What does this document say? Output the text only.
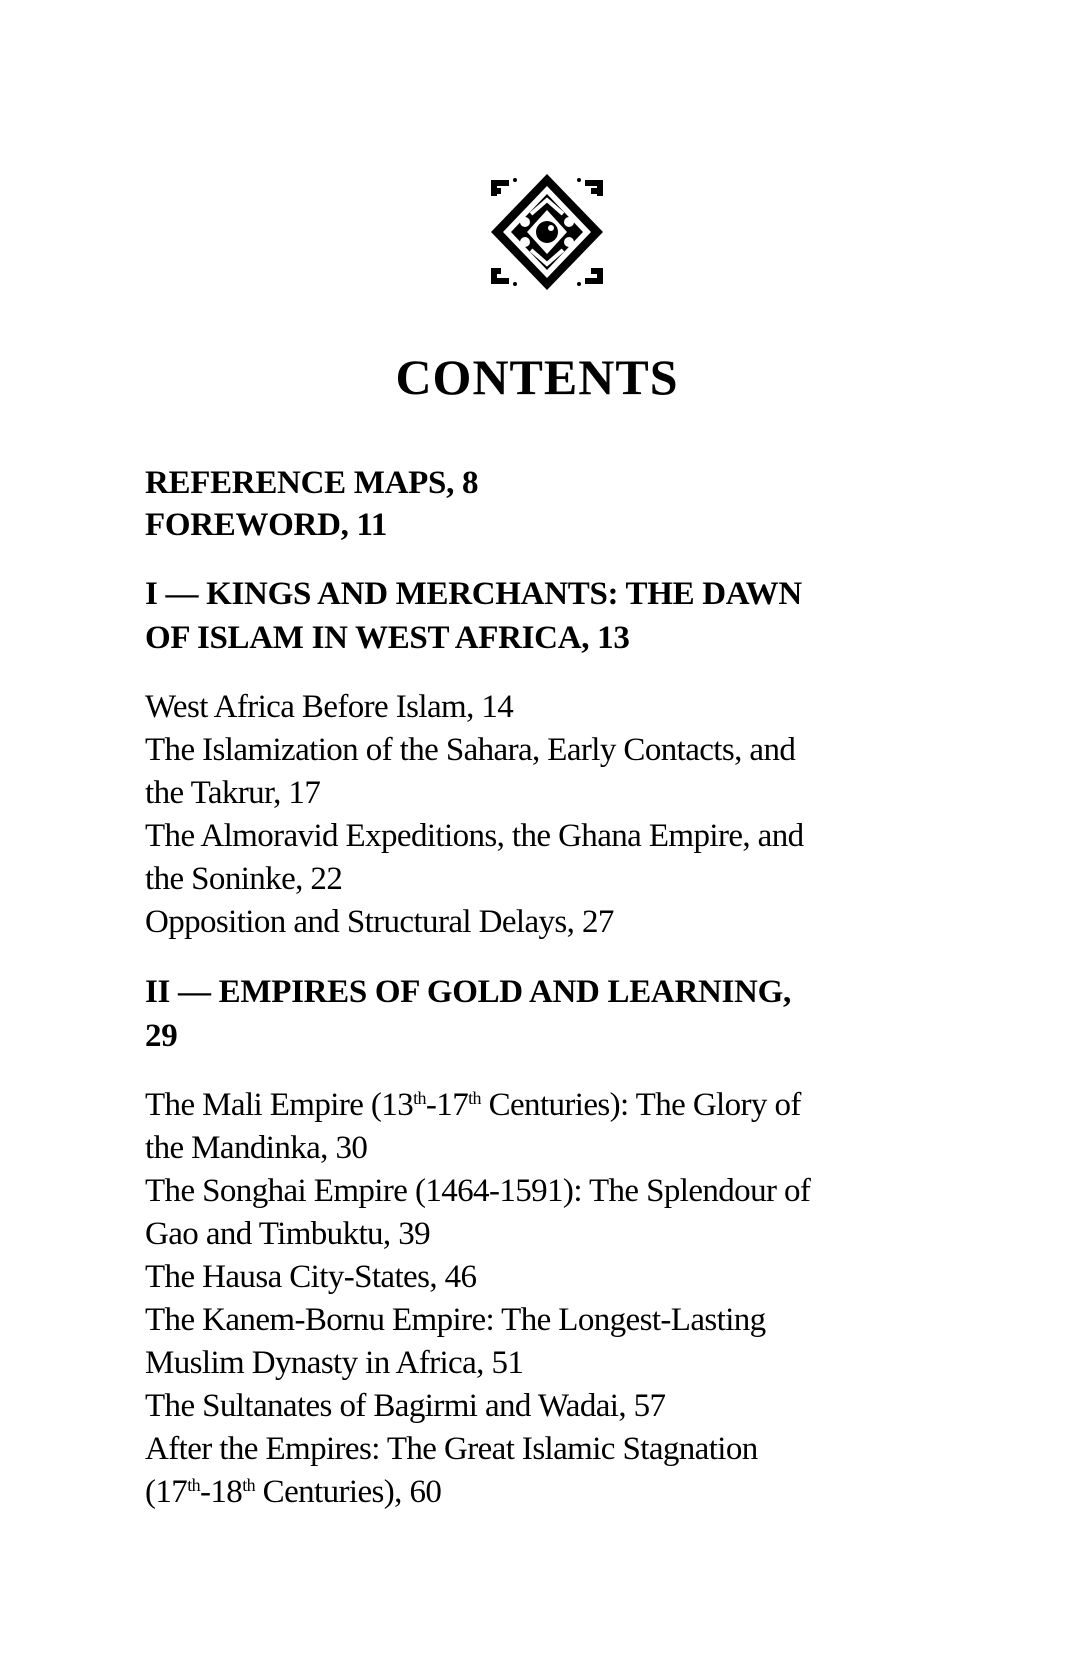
CONTENTS
REFERENCE MAPS, 8
FOREWORD, 11
I — KINGS AND MERCHANTS: THE DAWN
OF ISLAM IN WEST AFRICA, 13
West Africa Before Islam, 14
The Islamization of the Sahara, Early Contacts, and
the Takrur, 17
The Almoravid Expeditions, the Ghana Empire, and
the Soninke, 22
Opposition and Structural Delays, 27
II — EMPIRES OF GOLD AND LEARNING,
29
The Mali Empire (13th-17th Centuries): The Glory of
the Mandinka, 30
The Songhai Empire (1464-1591): The Splendour of
Gao and Timbuktu, 39
The Hausa City-States, 46
The Kanem-Bornu Empire: The Longest-Lasting
Muslim Dynasty in Africa, 51
The Sultanates of Bagirmi and Wadai, 57
After the Empires: The Great Islamic Stagnation
(17th-18th Centuries), 60
